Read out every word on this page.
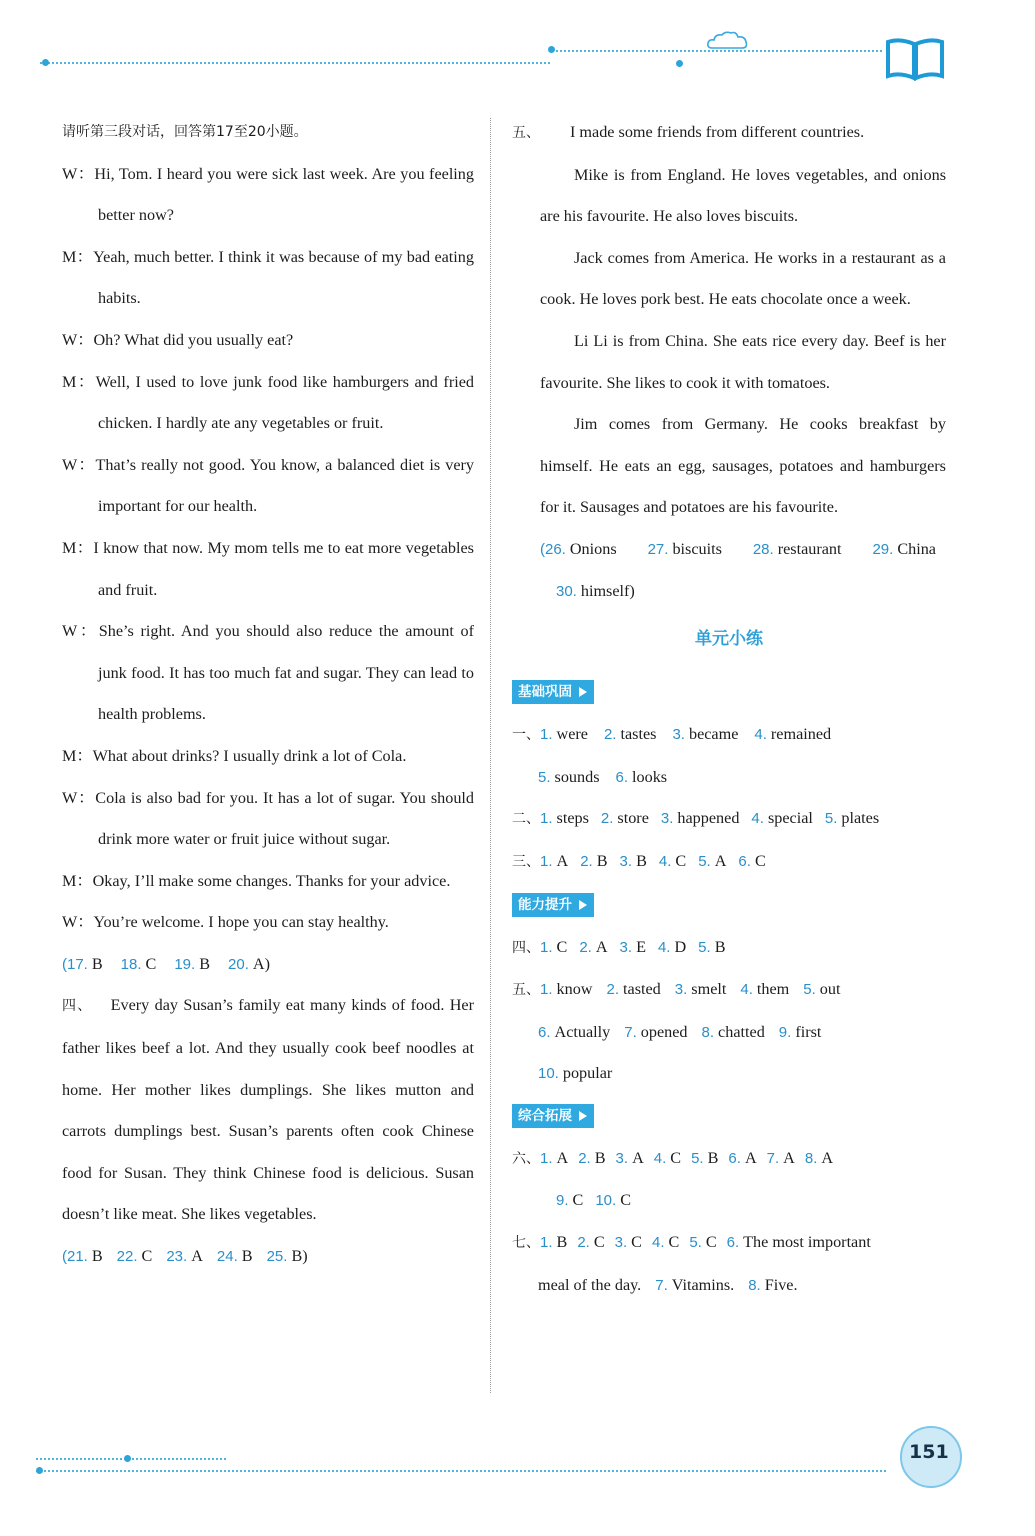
请听第三段对话，回答第17至20小题。

W：Hi, Tom. I heard you were sick last week. Are you feeling better now?

M：Yeah, much better. I think it was because of my bad eating habits.

W：Oh? What did you usually eat?

M：Well, I used to love junk food like hamburgers and fried chicken. I hardly ate any vegetables or fruit.

W：That’s really not good. You know, a balanced diet is very important for our health.

M：I know that now. My mom tells me to eat more vegetables and fruit.

W：She’s right. And you should also reduce the amount of junk food. It has too much fat and sugar. They can lead to health problems.

M：What about drinks? I usually drink a lot of Cola.

W：Cola is also bad for you. It has a lot of sugar. You should drink more water or fruit juice without sugar.

M：Okay, I’ll make some changes. Thanks for your advice.

W：You’re welcome. I hope you can stay healthy.

(17. B 18. C 19. B 20. A)

四、 Every day Susan’s family eat many kinds of food. Her father likes beef a lot. And they usually cook beef noodles at home. Her mother likes dumplings. She likes mutton and carrots dumplings best. Susan’s parents often cook Chinese food for Susan. They think Chinese food is delicious. Susan doesn’t like meat. She likes vegetables.

(21. B 22. C 23. A 24. B 25. B)

五、 I made some friends from different countries.

Mike is from England. He loves vegetables, and onions are his favourite. He also loves biscuits.

Jack comes from America. He works in a restaurant as a cook. He loves pork best. He eats chocolate once a week.

Li Li is from China. She eats rice every day. Beef is her favourite. She likes to cook it with tomatoes.

Jim comes from Germany. He cooks breakfast by himself. He eats an egg, sausages, potatoes and hamburgers for it. Sausages and potatoes are his favourite.

(26. Onions 27. biscuits 28. restaurant 29. China
30. himself)
单元小练
基础巩固
一、 1. were 2. tastes 3. became 4. remained
5. sounds 6. looks
二、 1. steps 2. store 3. happened 4. special 5. plates
三、 1. A 2. B 3. B 4. C 5. A 6. C
能力提升
四、 1. C 2. A 3. E 4. D 5. B
五、 1. know 2. tasted 3. smelt 4. them 5. out
6. Actually 7. opened 8. chatted 9. first
10. popular
综合拓展
六、 1. A 2. B 3. A 4. C 5. B 6. A 7. A 8. A
9. C 10. C
七、 1. B 2. C 3. C 4. C 5. C 6. The most important
meal of the day. 7. Vitamins. 8. Five.
151
